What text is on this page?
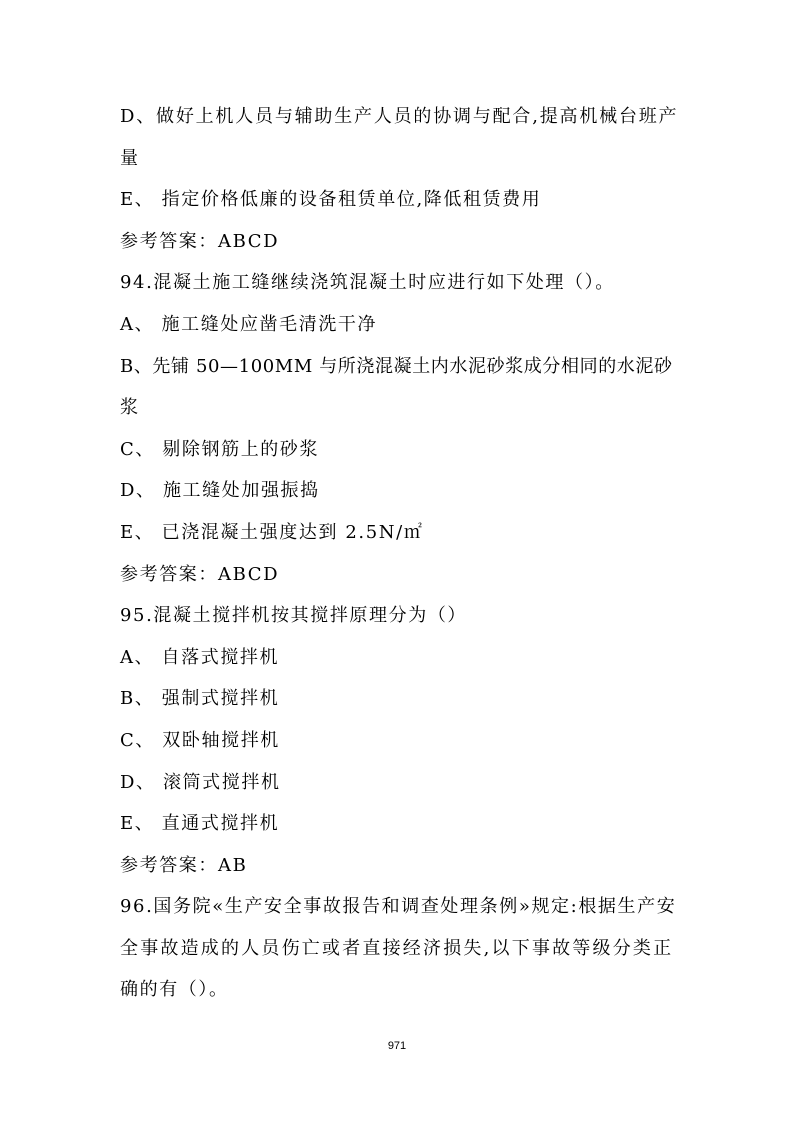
D、做好上机人员与辅助生产人员的协调与配合,提高机械台班产
量
E、 指定价格低廉的设备租赁单位,降低租赁费用
参考答案：ABCD
94.混凝土施工缝继续浇筑混凝土时应进行如下处理（）。
A、 施工缝处应凿毛清洗干净
B、先铺 50—100MM 与所浇混凝土内水泥砂浆成分相同的水泥砂
浆
C、 剔除钢筋上的砂浆
D、 施工缝处加强振捣
E、 已浇混凝土强度达到 2.5N/㎡
参考答案：ABCD
95.混凝土搅拌机按其搅拌原理分为（）
A、 自落式搅拌机
B、 强制式搅拌机
C、 双卧轴搅拌机
D、 滚筒式搅拌机
E、 直通式搅拌机
参考答案：AB
96.国务院«生产安全事故报告和调查处理条例»规定:根据生产安
全事故造成的人员伤亡或者直接经济损失,以下事故等级分类正
确的有（）。
971
